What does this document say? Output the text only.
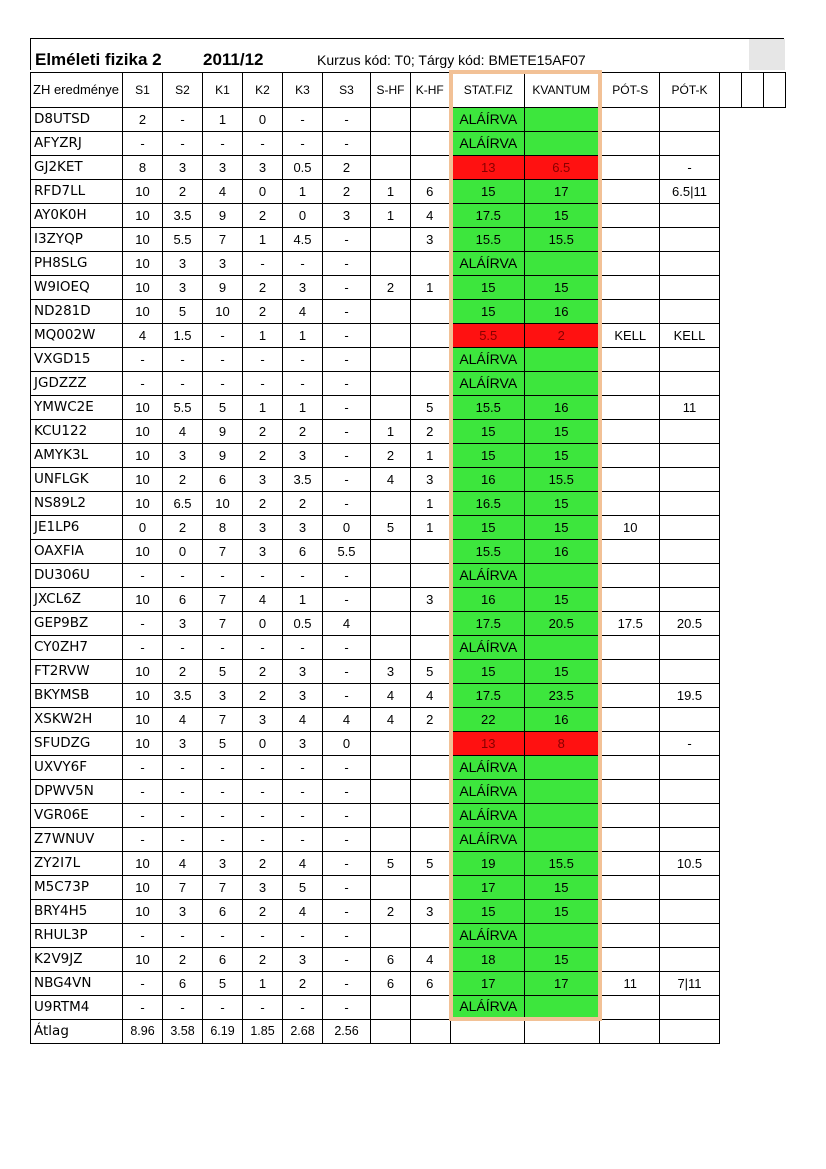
Elméleti fizika 2 2011/12	Kurzus kód: T0; Tárgy kód: BMETE15AF07
ZH eredménye	S1	S2	K1	K2	K3	S3	S-HF	K-HF	STAT.FIZ	KVANTUM	PÓT-S	PÓT-K			
D8UTSD	2	-	1	0	-	-			ALÁÍRVA						
AFYZRJ	-	-	-	-	-	-			ALÁÍRVA						
GJ2KET	8	3	3	3	0.5	2			13	6.5		-			
RFD7LL	10	2	4	0	1	2	1	6	15	17		6.5|11			
AY0K0H	10	3.5	9	2	0	3	1	4	17.5	15					
I3ZYQP	10	5.5	7	1	4.5	-		3	15.5	15.5					
PH8SLG	10	3	3	-	-	-			ALÁÍRVA						
W9IOEQ	10	3	9	2	3	-	2	1	15	15					
ND281D	10	5	10	2	4	-			15	16					
MQ002W	4	1.5	-	1	1	-			5.5	2	KELL	KELL			
VXGD15	-	-	-	-	-	-			ALÁÍRVA						
JGDZZZ	-	-	-	-	-	-			ALÁÍRVA						
YMWC2E	10	5.5	5	1	1	-		5	15.5	16		11			
KCU122	10	4	9	2	2	-	1	2	15	15					
AMYK3L	10	3	9	2	3	-	2	1	15	15					
UNFLGK	10	2	6	3	3.5	-	4	3	16	15.5					
NS89L2	10	6.5	10	2	2	-		1	16.5	15					
JE1LP6	0	2	8	3	3	0	5	1	15	15	10				
OAXFIA	10	0	7	3	6	5.5			15.5	16					
DU306U	-	-	-	-	-	-			ALÁÍRVA						
JXCL6Z	10	6	7	4	1	-		3	16	15					
GEP9BZ	-	3	7	0	0.5	4			17.5	20.5	17.5	20.5			
CY0ZH7	-	-	-	-	-	-			ALÁÍRVA						
FT2RVW	10	2	5	2	3	-	3	5	15	15					
BKYMSB	10	3.5	3	2	3	-	4	4	17.5	23.5		19.5			
XSKW2H	10	4	7	3	4	4	4	2	22	16					
SFUDZG	10	3	5	0	3	0			13	8		-			
UXVY6F	-	-	-	-	-	-			ALÁÍRVA						
DPWV5N	-	-	-	-	-	-			ALÁÍRVA						
VGR06E	-	-	-	-	-	-			ALÁÍRVA						
Z7WNUV	-	-	-	-	-	-			ALÁÍRVA						
ZY2I7L	10	4	3	2	4	-	5	5	19	15.5		10.5			
M5C73P	10	7	7	3	5	-			17	15					
BRY4H5	10	3	6	2	4	-	2	3	15	15					
RHUL3P	-	-	-	-	-	-			ALÁÍRVA						
K2V9JZ	10	2	6	2	3	-	6	4	18	15					
NBG4VN	-	6	5	1	2	-	6	6	17	17	11	7|11			
U9RTM4	-	-	-	-	-	-			ALÁÍRVA						
Átlag	8.96	3.58	6.19	1.85	2.68	2.56									
